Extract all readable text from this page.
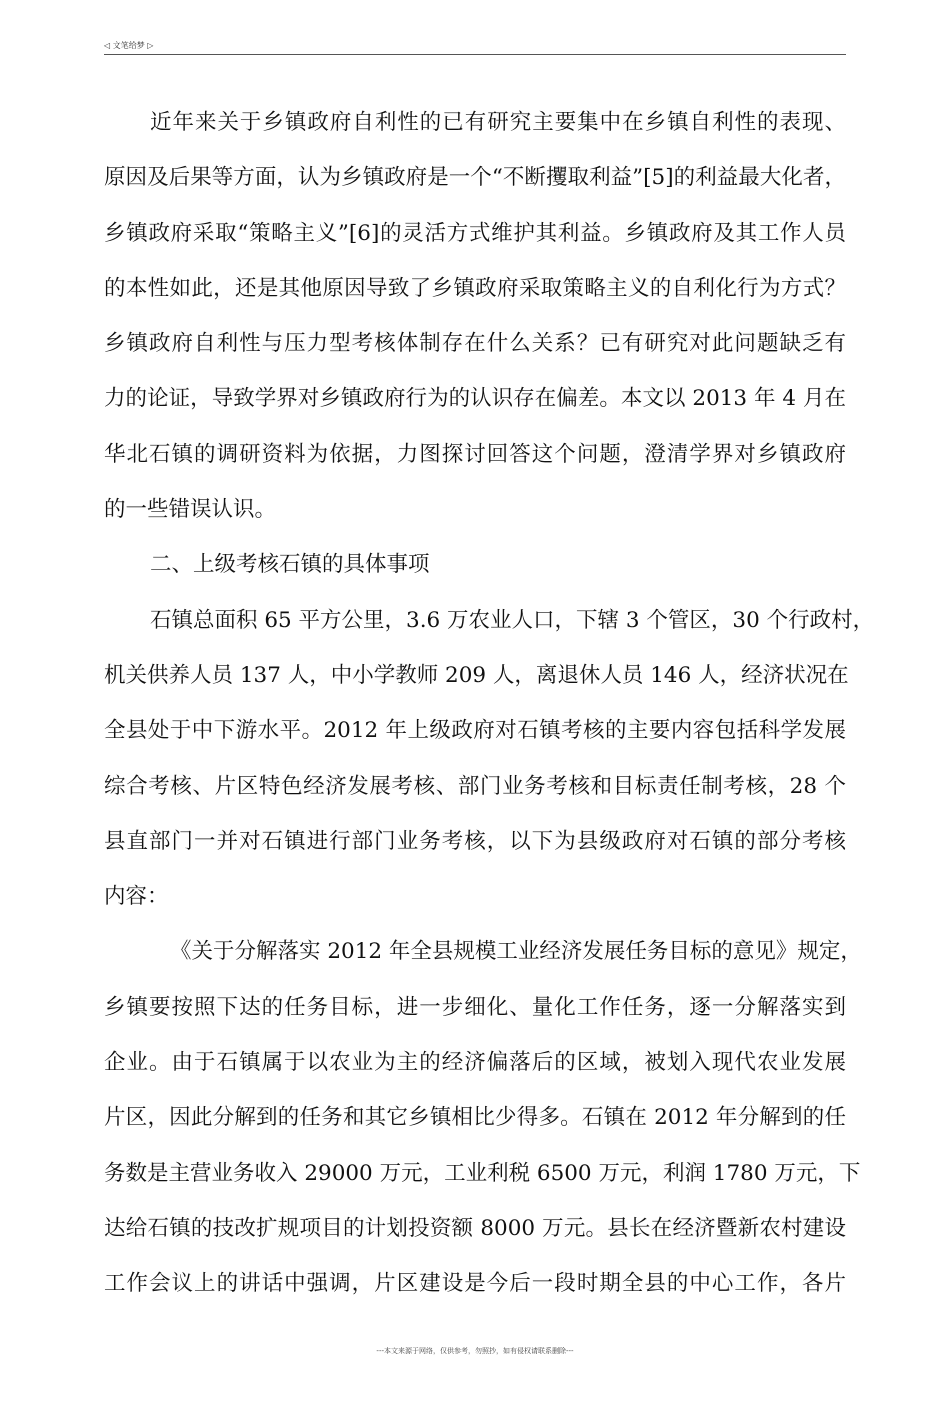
◁ 文笔给梦 ▷
近年来关于乡镇政府自利性的已有研究主要集中在乡镇自利性的表现、
原因及后果等方面，认为乡镇政府是一个“不断攫取利益”[5]的利益最大化者，
乡镇政府采取“策略主义”[6]的灵活方式维护其利益。乡镇政府及其工作人员
的本性如此，还是其他原因导致了乡镇政府采取策略主义的自利化行为方式？
乡镇政府自利性与压力型考核体制存在什么关系？已有研究对此问题缺乏有
力的论证，导致学界对乡镇政府行为的认识存在偏差。本文以 2013 年 4 月在
华北石镇的调研资料为依据，力图探讨回答这个问题，澄清学界对乡镇政府
的一些错误认识。
二、上级考核石镇的具体事项
石镇总面积 65 平方公里，3.6 万农业人口，下辖 3 个管区，30 个行政村，
机关供养人员 137 人，中小学教师 209 人，离退休人员 146 人，经济状况在
全县处于中下游水平。2012 年上级政府对石镇考核的主要内容包括科学发展
综合考核、片区特色经济发展考核、部门业务考核和目标责任制考核，28 个
县直部门一并对石镇进行部门业务考核，以下为县级政府对石镇的部分考核
内容：
《关于分解落实 2012 年全县规模工业经济发展任务目标的意见》规定，
乡镇要按照下达的任务目标，进一步细化、量化工作任务，逐一分解落实到
企业。由于石镇属于以农业为主的经济偏落后的区域，被划入现代农业发展
片区，因此分解到的任务和其它乡镇相比少得多。石镇在 2012 年分解到的任
务数是主营业务收入 29000 万元，工业利税 6500 万元，利润 1780 万元，下
达给石镇的技改扩规项目的计划投资额 8000 万元。县长在经济暨新农村建设
工作会议上的讲话中强调，片区建设是今后一段时期全县的中心工作，各片
---本文来源于网络，仅供参考，勿照抄，如有侵权请联系删除---
